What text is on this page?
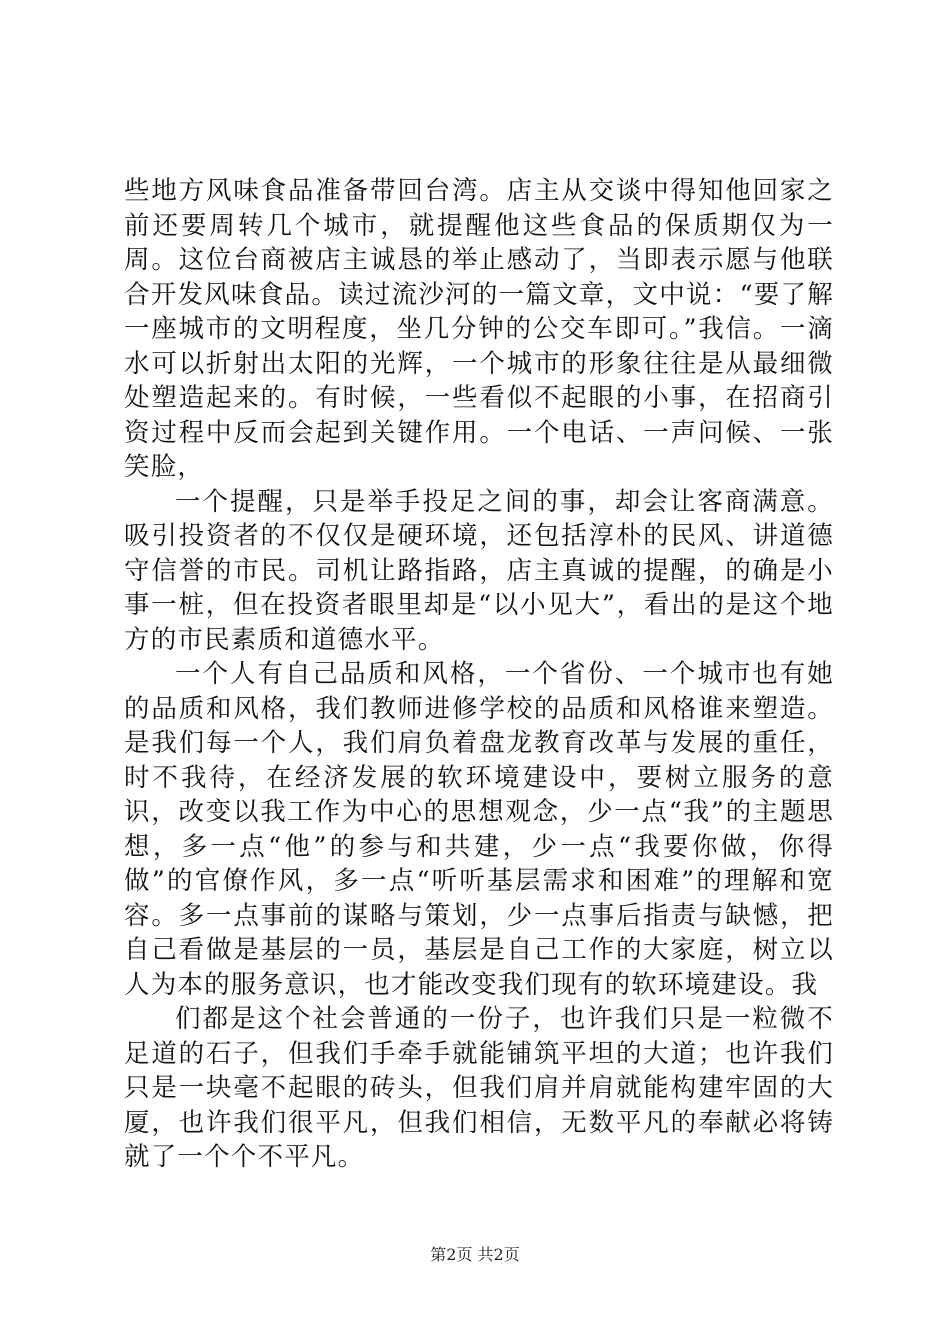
些地方风味食品准备带回台湾。店主从交谈中得知他回家之前还要周转几个城市，就提醒他这些食品的保质期仅为一周。这位台商被店主诚恳的举止感动了，当即表示愿与他联合开发风味食品。读过流沙河的一篇文章，文中说：“要了解一座城市的文明程度，坐几分钟的公交车即可。”我信。一滴水可以折射出太阳的光辉，一个城市的形象往往是从最细微处塑造起来的。有时候，一些看似不起眼的小事，在招商引资过程中反而会起到关键作用。一个电话、一声问候、一张笑脸，

一个提醒，只是举手投足之间的事，却会让客商满意。吸引投资者的不仅仅是硬环境，还包括淳朴的民风、讲道德守信誉的市民。司机让路指路，店主真诚的提醒，的确是小事一桩，但在投资者眼里却是“以小见大”，看出的是这个地方的市民素质和道德水平。

一个人有自己品质和风格，一个省份、一个城市也有她的品质和风格，我们教师进修学校的品质和风格谁来塑造。是我们每一个人，我们肩负着盘龙教育改革与发展的重任，时不我待，在经济发展的软环境建设中，要树立服务的意识，改变以我工作为中心的思想观念，少一点“我”的主题思想，多一点“他”的参与和共建，少一点“我要你做，你得做”的官僚作风，多一点“听听基层需求和困难”的理解和宽容。多一点事前的谋略与策划，少一点事后指责与缺憾，把自己看做是基层的一员，基层是自己工作的大家庭，树立以人为本的服务意识，也才能改变我们现有的软环境建设。我

们都是这个社会普通的一份子，也许我们只是一粒微不足道的石子，但我们手牵手就能铺筑平坦的大道；也许我们只是一块毫不起眼的砖头，但我们肩并肩就能构建牢固的大厦，也许我们很平凡，但我们相信，无数平凡的奉献必将铸就了一个个不平凡。

第2页 共2页
